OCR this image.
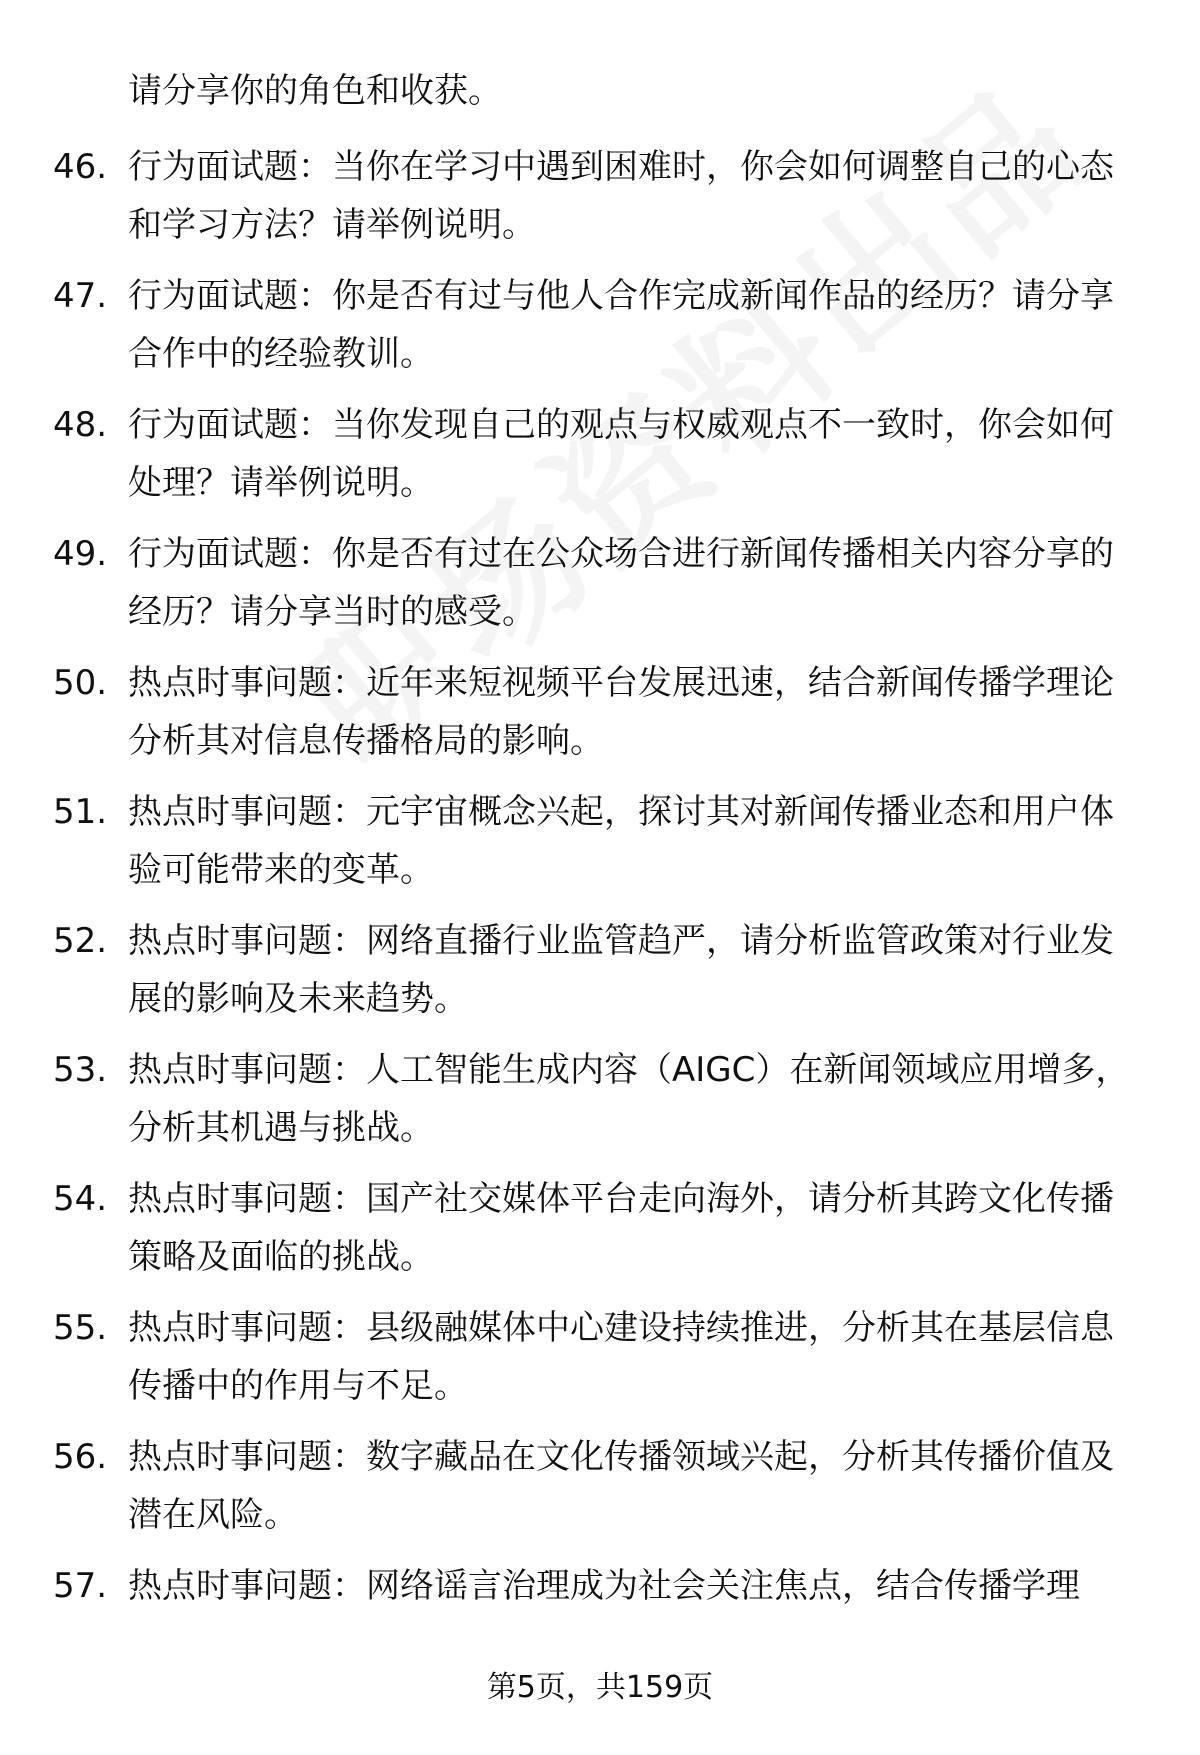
请分享你的角色和收获。
46. 行为面试题：当你在学习中遇到困难时，你会如何调整自己的心态和学习方法？请举例说明。
47. 行为面试题：你是否有过与他人合作完成新闻作品的经历？请分享合作中的经验教训。
48. 行为面试题：当你发现自己的观点与权威观点不一致时，你会如何处理？请举例说明。
49. 行为面试题：你是否有过在公众场合进行新闻传播相关内容分享的经历？请分享当时的感受。
50. 热点时事问题：近年来短视频平台发展迅速，结合新闻传播学理论分析其对信息传播格局的影响。
51. 热点时事问题：元宇宙概念兴起，探讨其对新闻传播业态和用户体验可能带来的变革。
52. 热点时事问题：网络直播行业监管趋严，请分析监管政策对行业发展的影响及未来趋势。
53. 热点时事问题：人工智能生成内容（AIGC）在新闻领域应用增多，分析其机遇与挑战。
54. 热点时事问题：国产社交媒体平台走向海外，请分析其跨文化传播策略及面临的挑战。
55. 热点时事问题：县级融媒体中心建设持续推进，分析其在基层信息传播中的作用与不足。
56. 热点时事问题：数字藏品在文化传播领域兴起，分析其传播价值及潜在风险。
57. 热点时事问题：网络谣言治理成为社会关注焦点，结合传播学理
第5页，共159页
